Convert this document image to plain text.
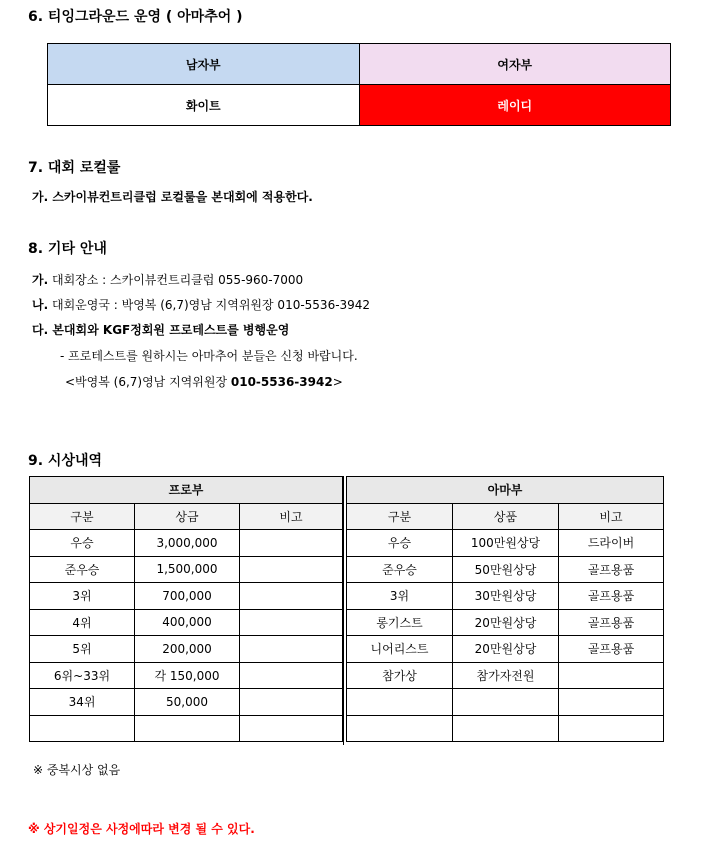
6. 티잉그라운드 운영 ( 아마추어 )
남자부	여자부
화이트	레이디
7. 대회 로컬룰
가. 스카이뷰컨트리클럽 로컬룰을 본대회에 적용한다.
8. 기타 안내
가. 대회장소 : 스카이뷰컨트리클럽 055-960-7000
나. 대회운영국 : 박영복 (6,7)영남 지역위원장 010-5536-3942
다. 본대회와 KGF정회원 프로테스트를 병행운영
- 프로테스트를 원하시는 아마추어 분들은 신청 바랍니다.
<박영복 (6,7)영남 지역위원장 010-5536-3942>
9. 시상내역
프로부		
구분	상금	비고
우승	3,000,000	
준우승	1,500,000	
3위	700,000	
4위	400,000	
5위	200,000	
6위~33위	각 150,000	
34위	50,000	

아마부		
구분	상품	비고
우승	100만원상당	드라이버
준우승	50만원상당	골프용품
3위	30만원상당	골프용품
롱기스트	20만원상당	골프용품
니어리스트	20만원상당	골프용품
참가상	참가자전원	

※ 중복시상 없음
※ 상기일정은 사정에따라 변경 될 수 있다.
